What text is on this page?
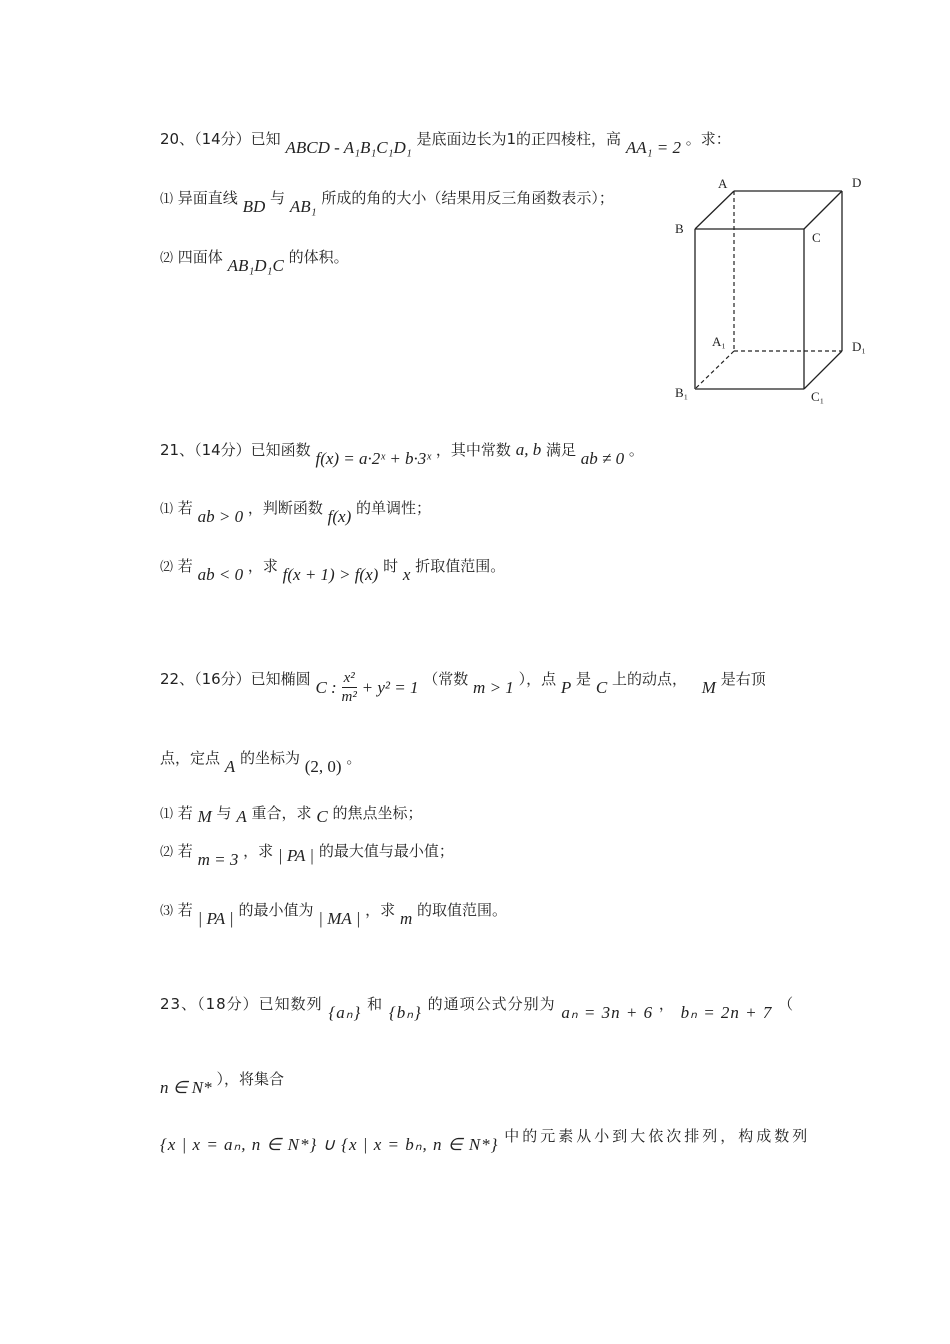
20、（14分）已知 ABCD - A₁B₁C₁D₁ 是底面边长为1的正四棱柱，高 AA₁ = 2 。求：
⑴ 异面直线 BD 与 AB₁ 所成的角的大小（结果用反三角函数表示）；
⑵ 四面体 AB₁D₁C 的体积。
A	D
B
C
A₁	D₁
B₁	C₁
21、（14分）已知函数 f(x) = a·2ˣ + b·3ˣ ，其中常数 a, b 满足 ab ≠ 0 。
⑴ 若 ab > 0 ，判断函数 f(x) 的单调性；
⑵ 若 ab < 0 ，求 f(x + 1) > f(x) 时 x 折取值范围。
22、（16分）已知椭圆 C : $\frac{\text{x²}}{\text{m²}} + y^2 = 1$ （常数 m > 1 ），点 P 是 C 上的动点， M 是右顶
点，定点 A 的坐标为 (2, 0) 。
⑴ 若 M 与 A 重合，求 C 的焦点坐标；
⑵ 若 m = 3 ，求 | PA | 的最大值与最小值；
⑶ 若 | PA | 的最小值为 | MA | ，求 m 的取值范围。
23、（18分）已知数列 {aₙ} 和 {bₙ} 的通项公式分别为 aₙ = 3n + 6 ， bₙ = 2n + 7 （
n ∈ N* ），将集合
{x | x = aₙ, n ∈ N*} ∪ {x | x = bₙ, n ∈ N*} 中的元素从小到大依次排列，构成数列
